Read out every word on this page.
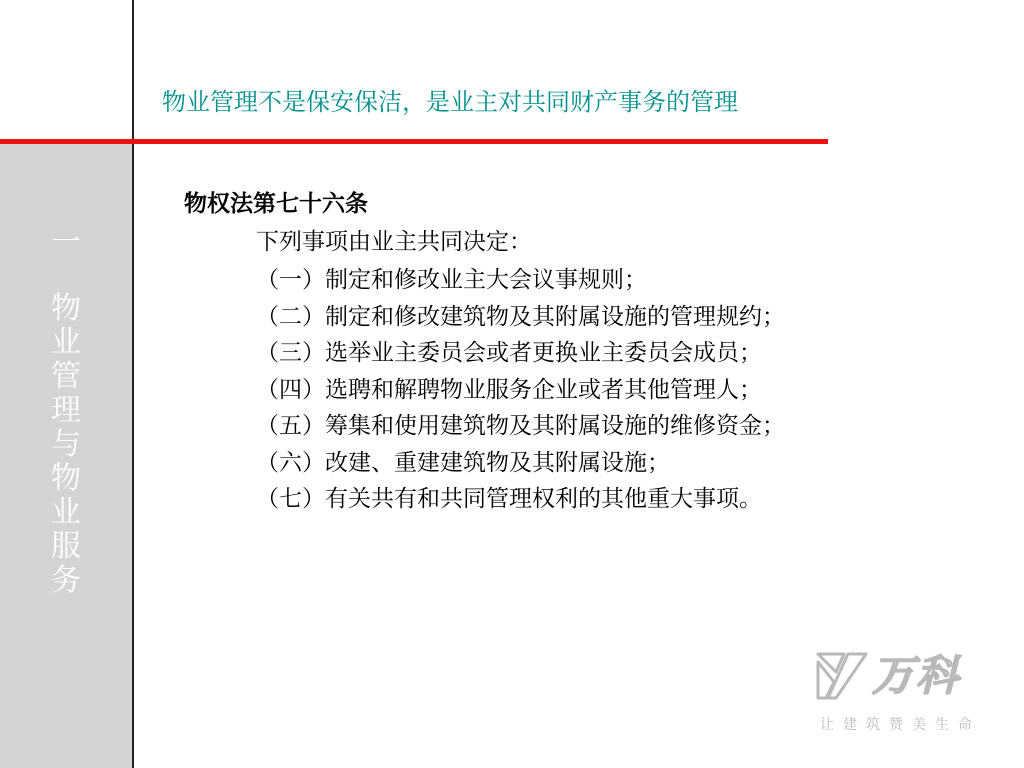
一
物
业
管
理
与
物
业
服
务
物业管理不是保安保洁，是业主对共同财产事务的管理
物权法第七十六条
下列事项由业主共同决定：
（一）制定和修改业主大会议事规则；
（二）制定和修改建筑物及其附属设施的管理规约；
（三）选举业主委员会或者更换业主委员会成员；
（四）选聘和解聘物业服务企业或者其他管理人；
（五）筹集和使用建筑物及其附属设施的维修资金；
（六）改建、重建建筑物及其附属设施；
（七）有关共有和共同管理权利的其他重大事项。
万科
让建筑赞美生命
